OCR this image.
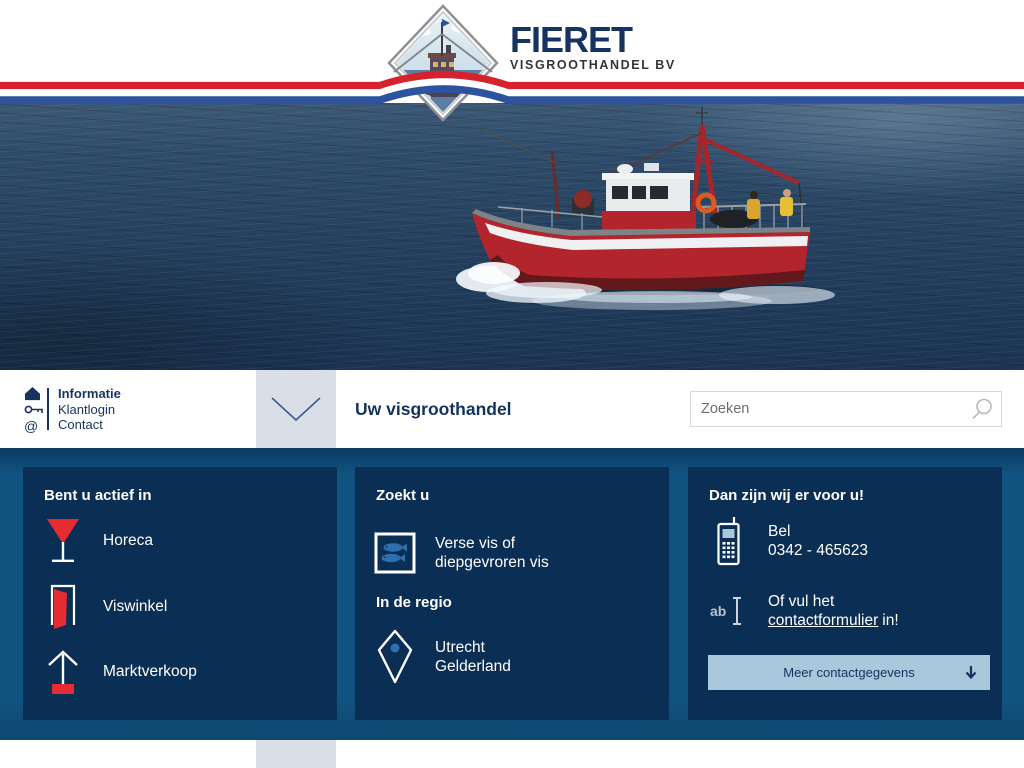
FIERET
VISGROOTHANDEL BV
@
Informatie
Klantlogin
Contact
Uw visgroothandel
Zoeken
Bent u actief in
Horeca
Viswinkel
Marktverkoop
Zoekt u
Verse vis of
diepgevroren vis
In de regio
Utrecht
Gelderland
Dan zijn wij er voor u!
Bel
0342 - 465623
ab
Of vul het
contactformulier in!
Meer contactgegevens
